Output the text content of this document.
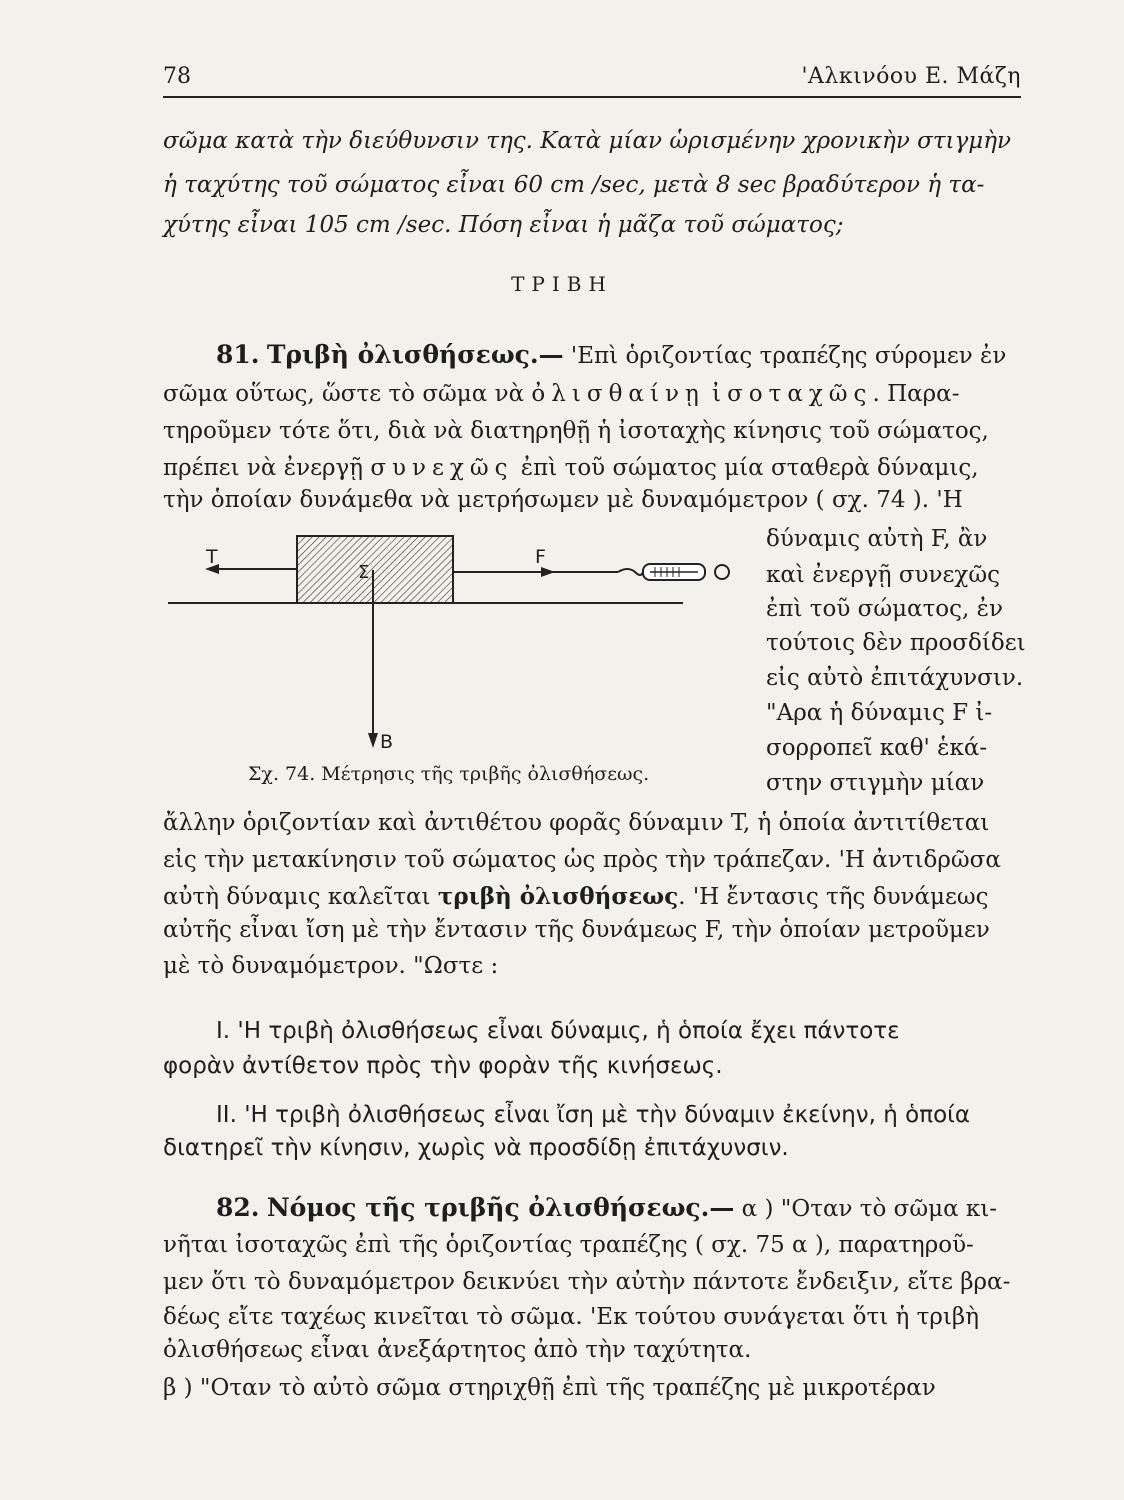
78	'Αλκινόου Ε. Μάζη
σῶμα κατὰ τὴν διεύθυνσιν της. Κατὰ μίαν ὡρισμένην χρονικὴν στιγμὴν
ἡ ταχύτης τοῦ σώματος εἶναι 60 cm /sec, μετὰ 8 sec βραδύτερον ἡ τα-
χύτης εἶναι 105 cm /sec. Πόση εἶναι ἡ μᾶζα τοῦ σώματος;
ΤΡΙΒΗ
81. Τριβὴ ὀλισθήσεως.— 'Επὶ ὁριζοντίας τραπέζης σύρομεν ἐν
σῶμα οὕτως, ὥστε τὸ σῶμα νὰ ὀλισθαίνῃ ἰσοταχῶς. Παρα-
τηροῦμεν τότε ὅτι, διὰ νὰ διατηρηθῇ ἡ ἰσοταχὴς κίνησις τοῦ σώματος,
πρέπει νὰ ἐνεργῇ συνεχῶς ἐπὶ τοῦ σώματος μία σταθερὰ δύναμις,
τὴν ὁποίαν δυνάμεθα νὰ μετρήσωμεν μὲ δυναμόμετρον ( σχ. 74 ). 'Η
δύναμις αὐτὴ F, ἂν
καὶ ἐνεργῇ συνεχῶς
ἐπὶ τοῦ σώματος, ἐν
τούτοις δὲν προσδίδει
εἰς αὐτὸ ἐπιτάχυνσιν.
"Αρα ἡ δύναμις F ἰ-
σορροπεῖ καθ' ἑκά-
στην στιγμὴν μίαν
T	F
Σ
B
Σχ. 74. Μέτρησις τῆς τριβῆς ὀλισθήσεως.
ἄλλην ὁριζοντίαν καὶ ἀντιθέτου φορᾶς δύναμιν T, ἡ ὁποία ἀντιτίθεται
εἰς τὴν μετακίνησιν τοῦ σώματος ὡς πρὸς τὴν τράπεζαν. 'Η ἀντιδρῶσα
αὐτὴ δύναμις καλεῖται τριβὴ ὀλισθήσεως. 'Η ἔντασις τῆς δυνάμεως
αὐτῆς εἶναι ἴση μὲ τὴν ἔντασιν τῆς δυνάμεως F, τὴν ὁποίαν μετροῦμεν
μὲ τὸ δυναμόμετρον. "Ωστε :
I. 'Η τριβὴ ὀλισθήσεως εἶναι δύναμις, ἡ ὁποία ἔχει πάντοτε
φορὰν ἀντίθετον πρὸς τὴν φορὰν τῆς κινήσεως.
II. 'Η τριβὴ ὀλισθήσεως εἶναι ἴση μὲ τὴν δύναμιν ἐκείνην, ἡ ὁποία
διατηρεῖ τὴν κίνησιν, χωρὶς νὰ προσδίδῃ ἐπιτάχυνσιν.
82. Νόμος τῆς τριβῆς ὀλισθήσεως.— α ) "Οταν τὸ σῶμα κι-
νῆται ἰσοταχῶς ἐπὶ τῆς ὁριζοντίας τραπέζης ( σχ. 75 α ), παρατηροῦ-
μεν ὅτι τὸ δυναμόμετρον δεικνύει τὴν αὐτὴν πάντοτε ἔνδειξιν, εἴτε βρα-
δέως εἴτε ταχέως κινεῖται τὸ σῶμα. 'Εκ τούτου συνάγεται ὅτι ἡ τριβὴ
ὀλισθήσεως εἶναι ἀνεξάρτητος ἀπὸ τὴν ταχύτητα.
β ) "Οταν τὸ αὐτὸ σῶμα στηριχθῇ ἐπὶ τῆς τραπέζης μὲ μικροτέραν
